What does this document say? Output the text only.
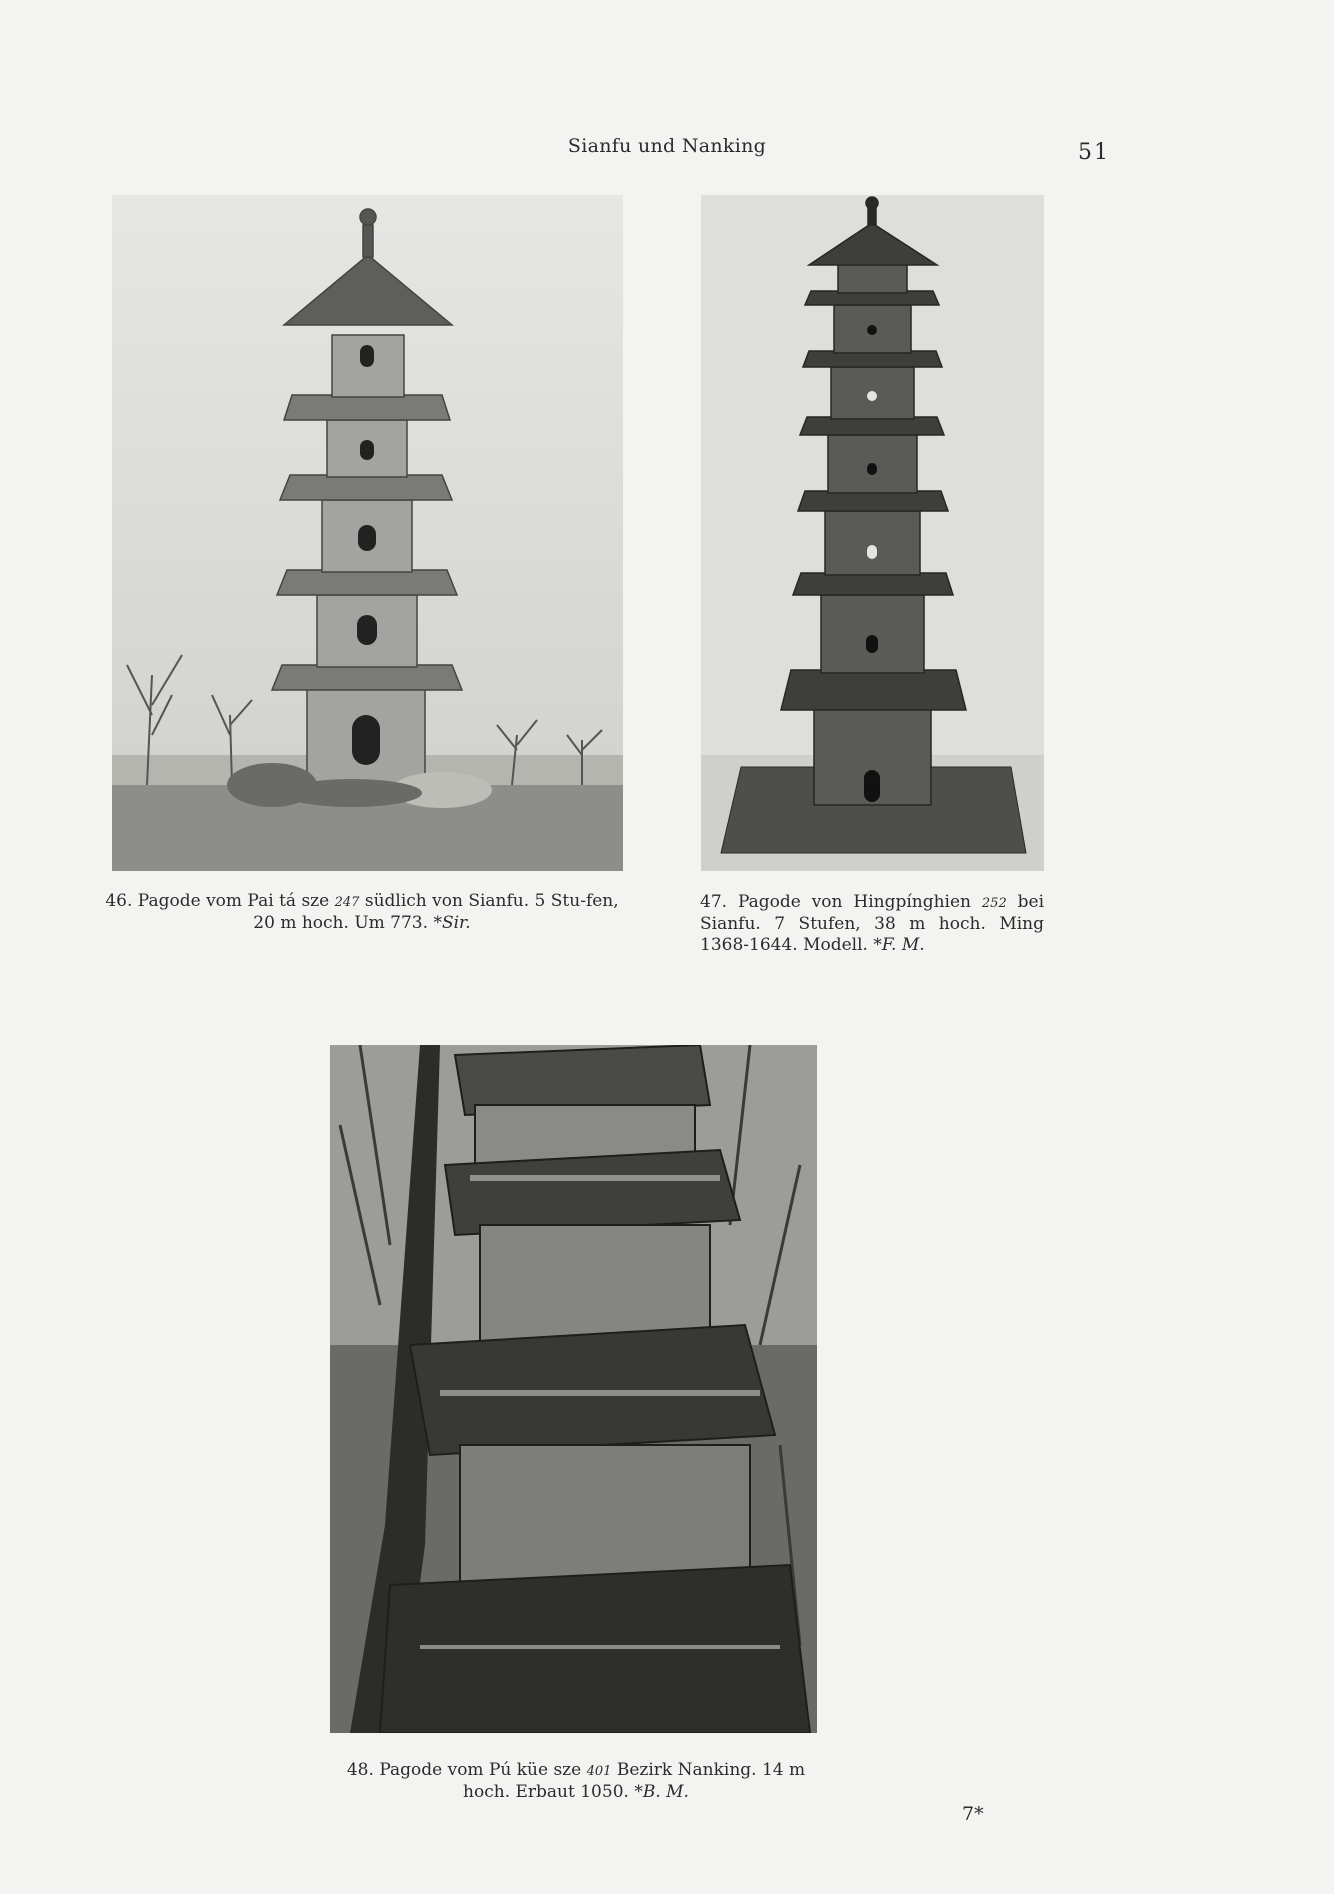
Sianfu und Nanking	51
46. Pagode vom Pai tá sze 247 südlich von Sianfu. 5 Stu-fen, 20 m hoch. Um 773. *Sir.
47. Pagode von Hingpínghien 252 bei Sianfu. 7 Stufen, 38 m hoch. Ming 1368-1644. Modell. *F. M.
48. Pagode vom Pú küe sze 401 Bezirk Nanking. 14 m hoch. Erbaut 1050. *B. M.
7*
